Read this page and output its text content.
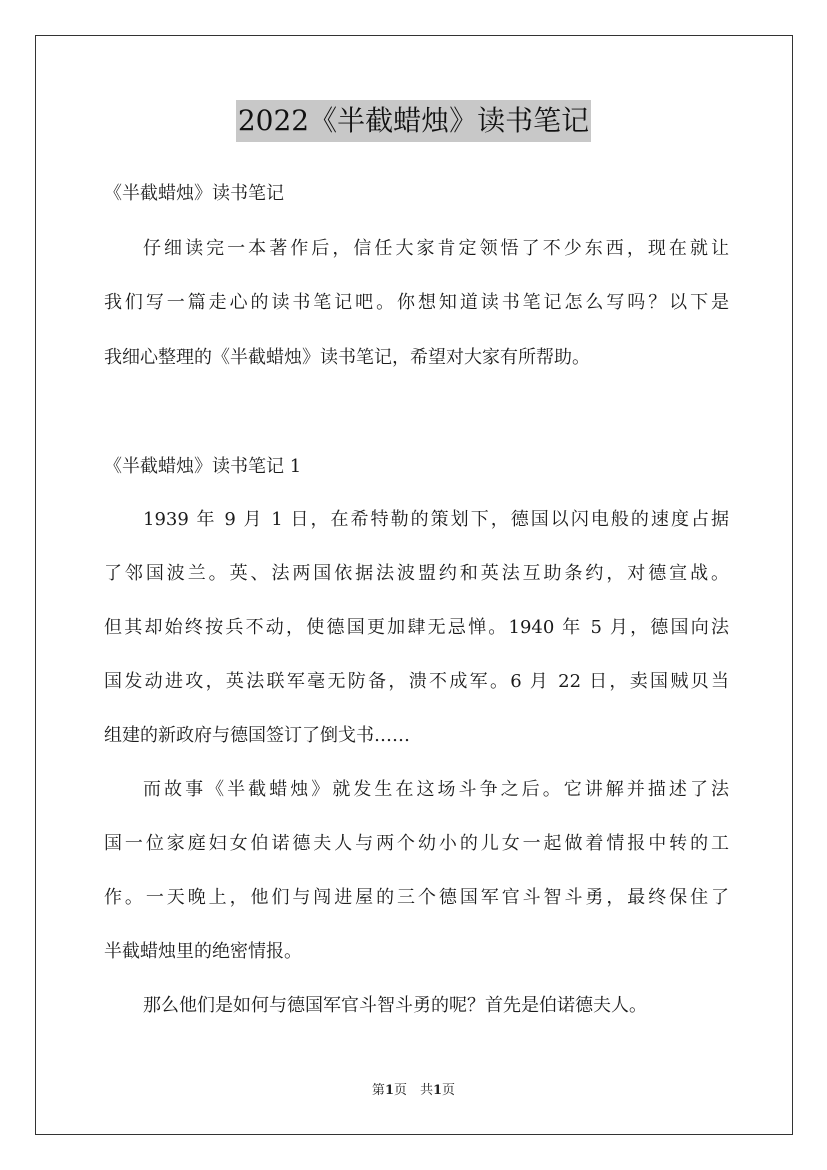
2022《半截蜡烛》读书笔记
《半截蜡烛》读书笔记
仔细读完一本著作后，信任大家肯定领悟了不少东西，现在就让
我们写一篇走心的读书笔记吧。你想知道读书笔记怎么写吗？以下是
我细心整理的《半截蜡烛》读书笔记，希望对大家有所帮助。
《半截蜡烛》读书笔记 1
1939 年 9 月 1 日，在希特勒的策划下，德国以闪电般的速度占据
了邻国波兰。英、法两国依据法波盟约和英法互助条约，对德宣战。
但其却始终按兵不动，使德国更加肆无忌惮。1940 年 5 月，德国向法
国发动进攻，英法联军毫无防备，溃不成军。6 月 22 日，卖国贼贝当
组建的新政府与德国签订了倒戈书……
而故事《半截蜡烛》就发生在这场斗争之后。它讲解并描述了法
国一位家庭妇女伯诺德夫人与两个幼小的儿女一起做着情报中转的工
作。一天晚上，他们与闯进屋的三个德国军官斗智斗勇，最终保住了
半截蜡烛里的绝密情报。
那么他们是如何与德国军官斗智斗勇的呢？首先是伯诺德夫人。
第1页　共1页
